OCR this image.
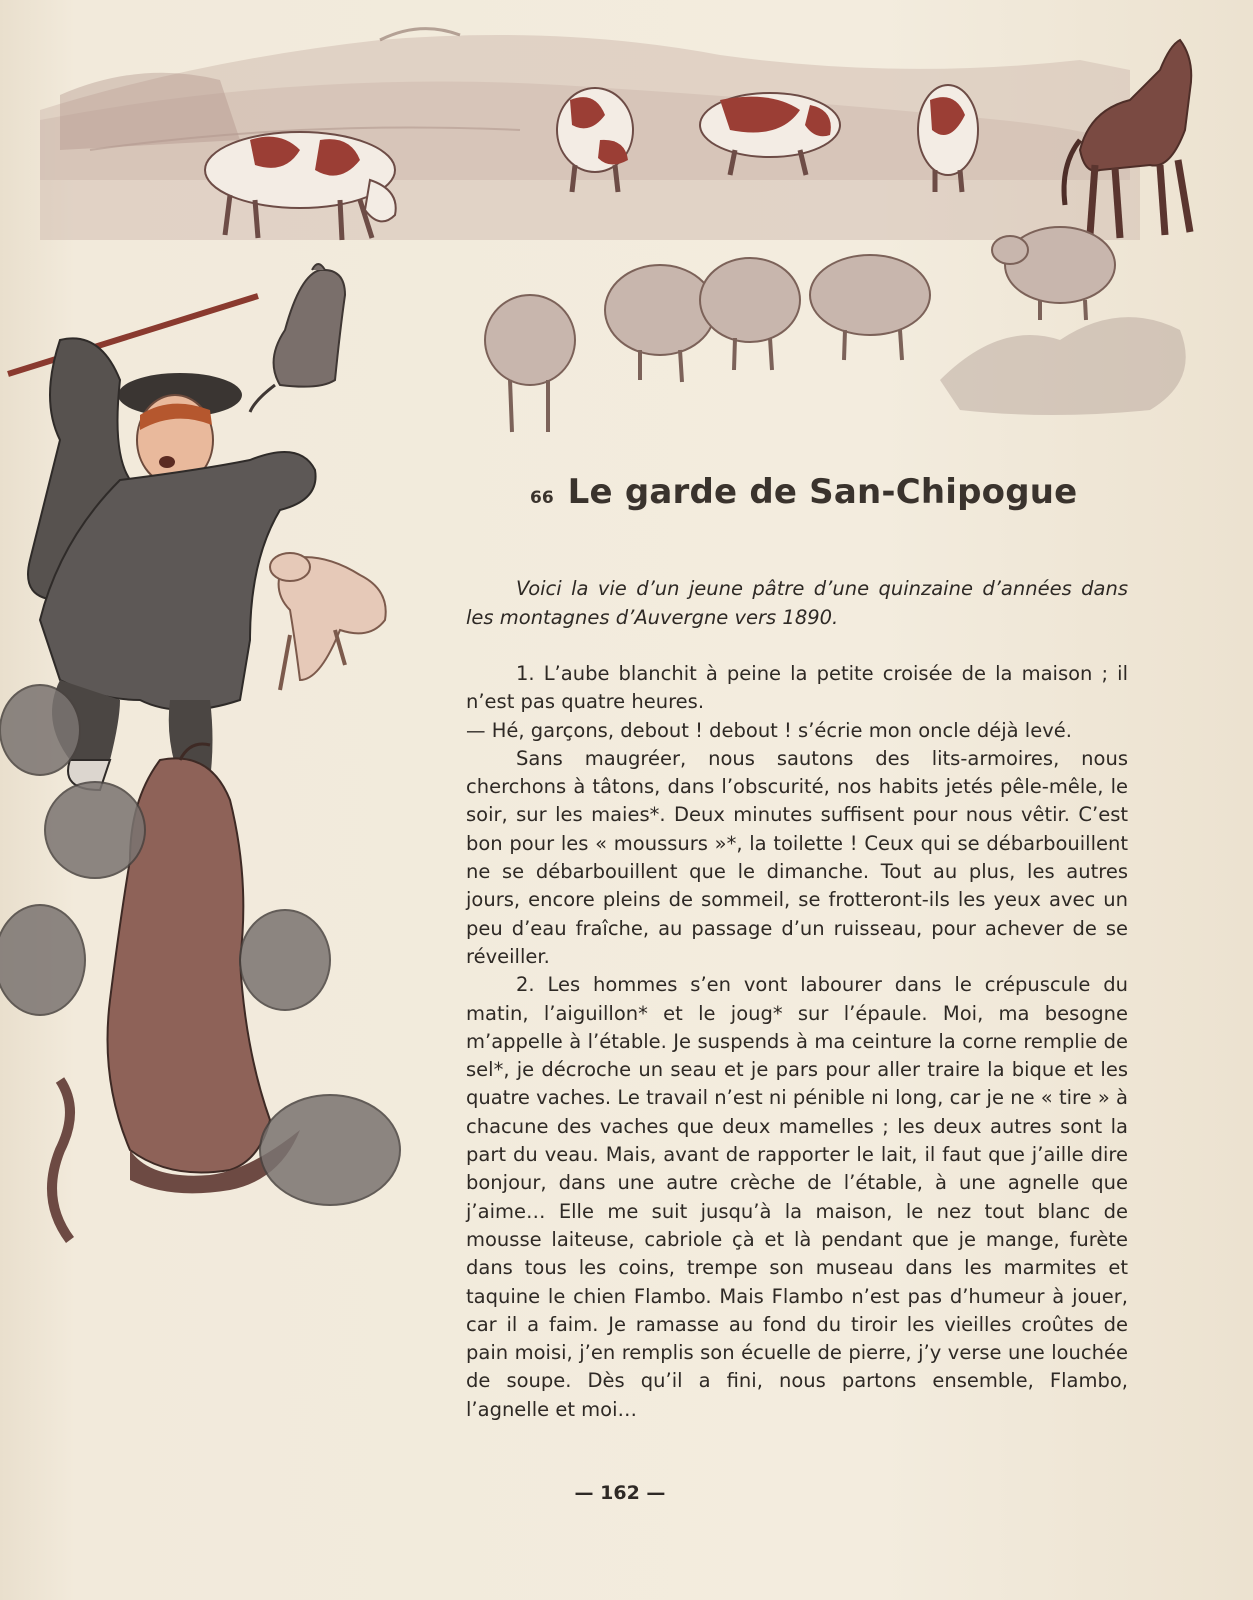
66 Le garde de San-Chipogue

Voici la vie d’un jeune pâtre d’une quinzaine d’années dans les montagnes d’Auvergne vers 1890.

1. L’aube blanchit à peine la petite croisée de la maison ; il n’est pas quatre heures.

— Hé, garçons, debout ! debout ! s’écrie mon oncle déjà levé.

Sans maugréer, nous sautons des lits-armoires, nous cherchons à tâtons, dans l’obscurité, nos habits jetés pêle-mêle, le soir, sur les maies*. Deux minutes suffisent pour nous vêtir. C’est bon pour les « moussurs »*, la toilette ! Ceux qui se débarbouillent ne se débarbouillent que le dimanche. Tout au plus, les autres jours, encore pleins de sommeil, se frotteront-ils les yeux avec un peu d’eau fraîche, au passage d’un ruisseau, pour achever de se réveiller.

2. Les hommes s’en vont labourer dans le crépuscule du matin, l’aiguillon* et le joug* sur l’épaule. Moi, ma besogne m’appelle à l’étable. Je suspends à ma ceinture la corne remplie de sel*, je décroche un seau et je pars pour aller traire la bique et les quatre vaches. Le travail n’est ni pénible ni long, car je ne « tire » à chacune des vaches que deux mamelles ; les deux autres sont la part du veau. Mais, avant de rapporter le lait, il faut que j’aille dire bonjour, dans une autre crèche de l’étable, à une agnelle que j’aime… Elle me suit jusqu’à la maison, le nez tout blanc de mousse laiteuse, cabriole çà et là pendant que je mange, furète dans tous les coins, trempe son museau dans les marmites et taquine le chien Flambo. Mais Flambo n’est pas d’humeur à jouer, car il a faim. Je ramasse au fond du tiroir les vieilles croûtes de pain moisi, j’en remplis son écuelle de pierre, j’y verse une louchée de soupe. Dès qu’il a fini, nous partons ensemble, Flambo, l’agnelle et moi…

— 162 —
